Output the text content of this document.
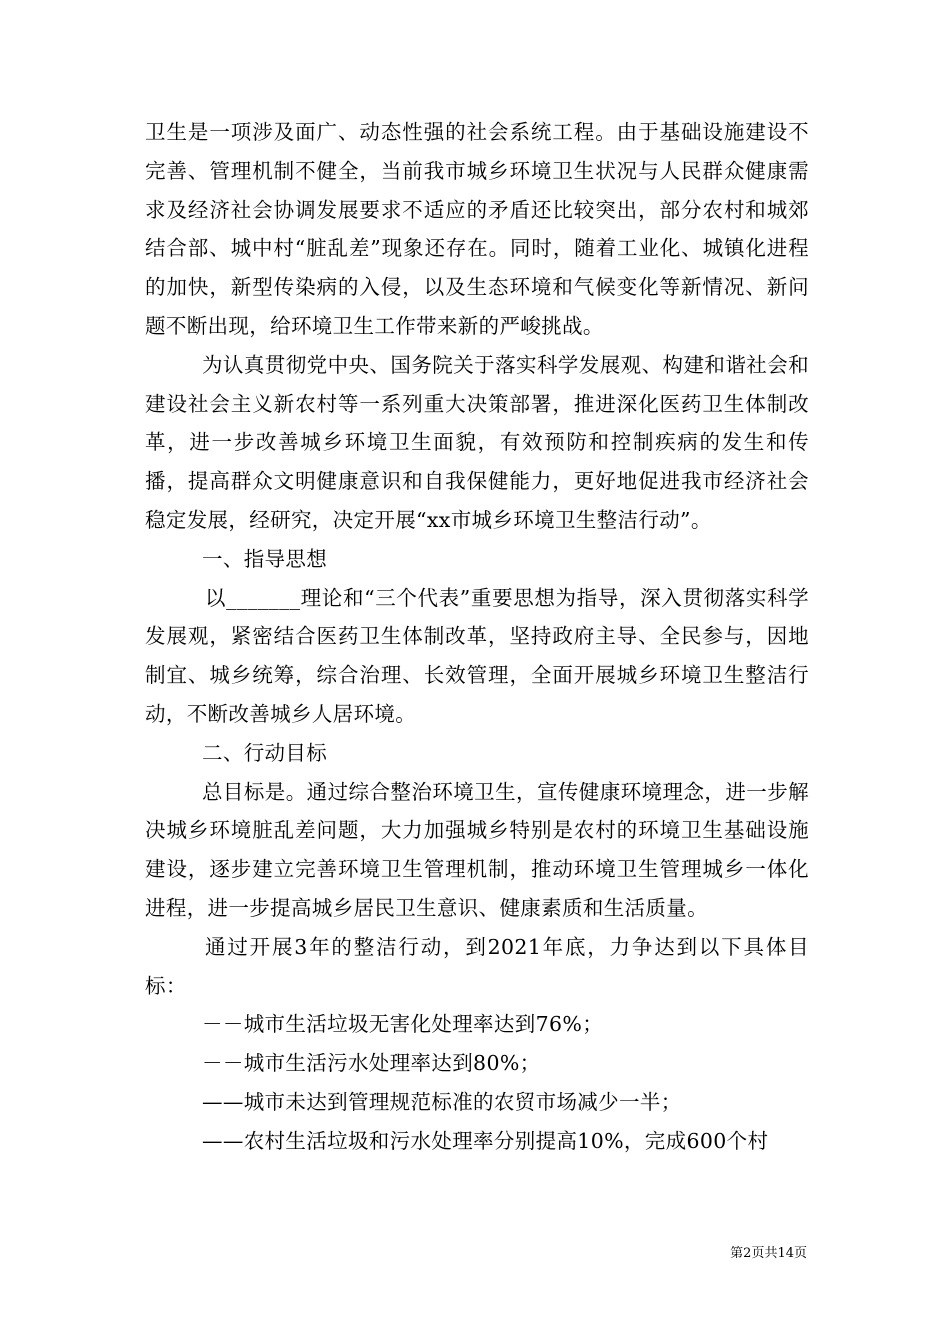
卫生是一项涉及面广、动态性强的社会系统工程。由于基础设施建设不完善、管理机制不健全，当前我市城乡环境卫生状况与人民群众健康需求及经济社会协调发展要求不适应的矛盾还比较突出，部分农村和城郊结合部、城中村“脏乱差”现象还存在。同时，随着工业化、城镇化进程的加快，新型传染病的入侵，以及生态环境和气候变化等新情况、新问题不断出现，给环境卫生工作带来新的严峻挑战。

为认真贯彻党中央、国务院关于落实科学发展观、构建和谐社会和建设社会主义新农村等一系列重大决策部署，推进深化医药卫生体制改革，进一步改善城乡环境卫生面貌，有效预防和控制疾病的发生和传播，提高群众文明健康意识和自我保健能力，更好地促进我市经济社会稳定发展，经研究，决定开展“xx市城乡环境卫生整洁行动”。

一、指导思想

以_______理论和“三个代表”重要思想为指导，深入贯彻落实科学发展观，紧密结合医药卫生体制改革，坚持政府主导、全民参与，因地制宜、城乡统筹，综合治理、长效管理，全面开展城乡环境卫生整洁行动，不断改善城乡人居环境。

二、行动目标

总目标是。通过综合整治环境卫生，宣传健康环境理念，进一步解决城乡环境脏乱差问题，大力加强城乡特别是农村的环境卫生基础设施建设，逐步建立完善环境卫生管理机制，推动环境卫生管理城乡一体化进程，进一步提高城乡居民卫生意识、健康素质和生活质量。

通过开展3年的整洁行动，到2021年底，力争达到以下具体目标：

－－城市生活垃圾无害化处理率达到76%；

－－城市生活污水处理率达到80%；

——城市未达到管理规范标准的农贸市场减少一半；

——农村生活垃圾和污水处理率分别提高10%，完成600个村

第2页共14页
